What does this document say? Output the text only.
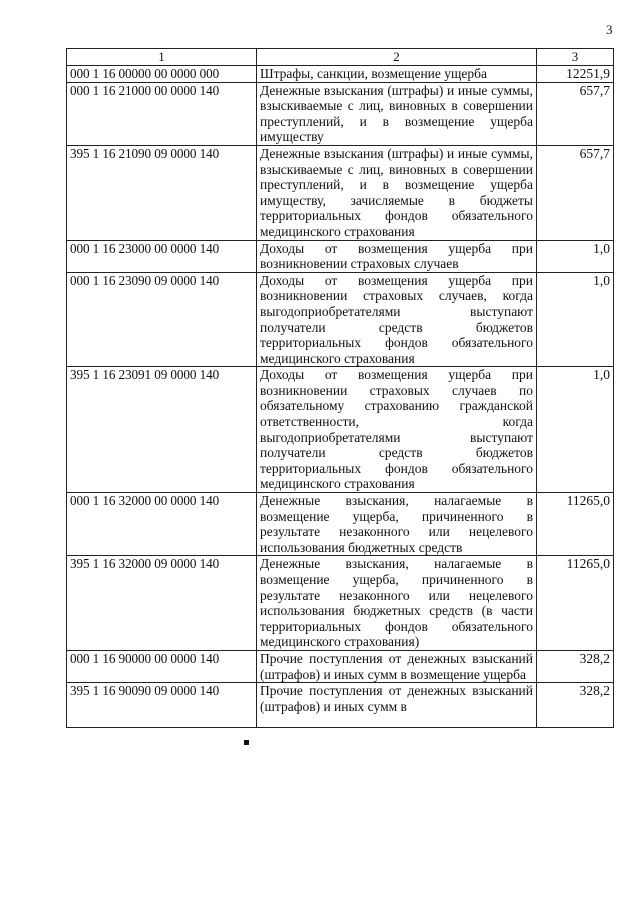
3
1	2	3
000 1 16 00000 00 0000 000	Штрафы, санкции, возмещение ущерба	12251,9
000 1 16 21000 00 0000 140	Денежные взыскания (штрафы) и иные суммы, взыскиваемые с лиц, виновных в совершении преступлений, и в возмещение ущерба имуществу	657,7
395 1 16 21090 09 0000 140	Денежные взыскания (штрафы) и иные суммы, взыскиваемые с лиц, виновных в совершении преступлений, и в возмещение ущерба имуществу, зачисляемые в бюджеты территориальных фондов обязательного медицинского страхования	657,7
000 1 16 23000 00 0000 140	Доходы от возмещения ущерба при возникновении страховых случаев	1,0
000 1 16 23090 09 0000 140	Доходы от возмещения ущерба при возникновении страховых случаев, когда выгодоприобретателями выступают получатели средств бюджетов территориальных фондов обязательного медицинского страхования	1,0
395 1 16 23091 09 0000 140	Доходы от возмещения ущерба при возникновении страховых случаев по обязательному страхованию гражданской ответственности, когда выгодоприобретателями выступают получатели средств бюджетов территориальных фондов обязательного медицинского страхования	1,0
000 1 16 32000 00 0000 140	Денежные взыскания, налагаемые в возмещение ущерба, причиненного в результате незаконного или нецелевого использования бюджетных средств	11265,0
395 1 16 32000 09 0000 140	Денежные взыскания, налагаемые в возмещение ущерба, причиненного в результате незаконного или нецелевого использования бюджетных средств (в части территориальных фондов обязательного медицинского страхования)	11265,0
000 1 16 90000 00 0000 140	Прочие поступления от денежных взысканий (штрафов) и иных сумм в возмещение ущерба	328,2
395 1 16 90090 09 0000 140	Прочие поступления от денежных взысканий (штрафов) и иных сумм в	328,2
